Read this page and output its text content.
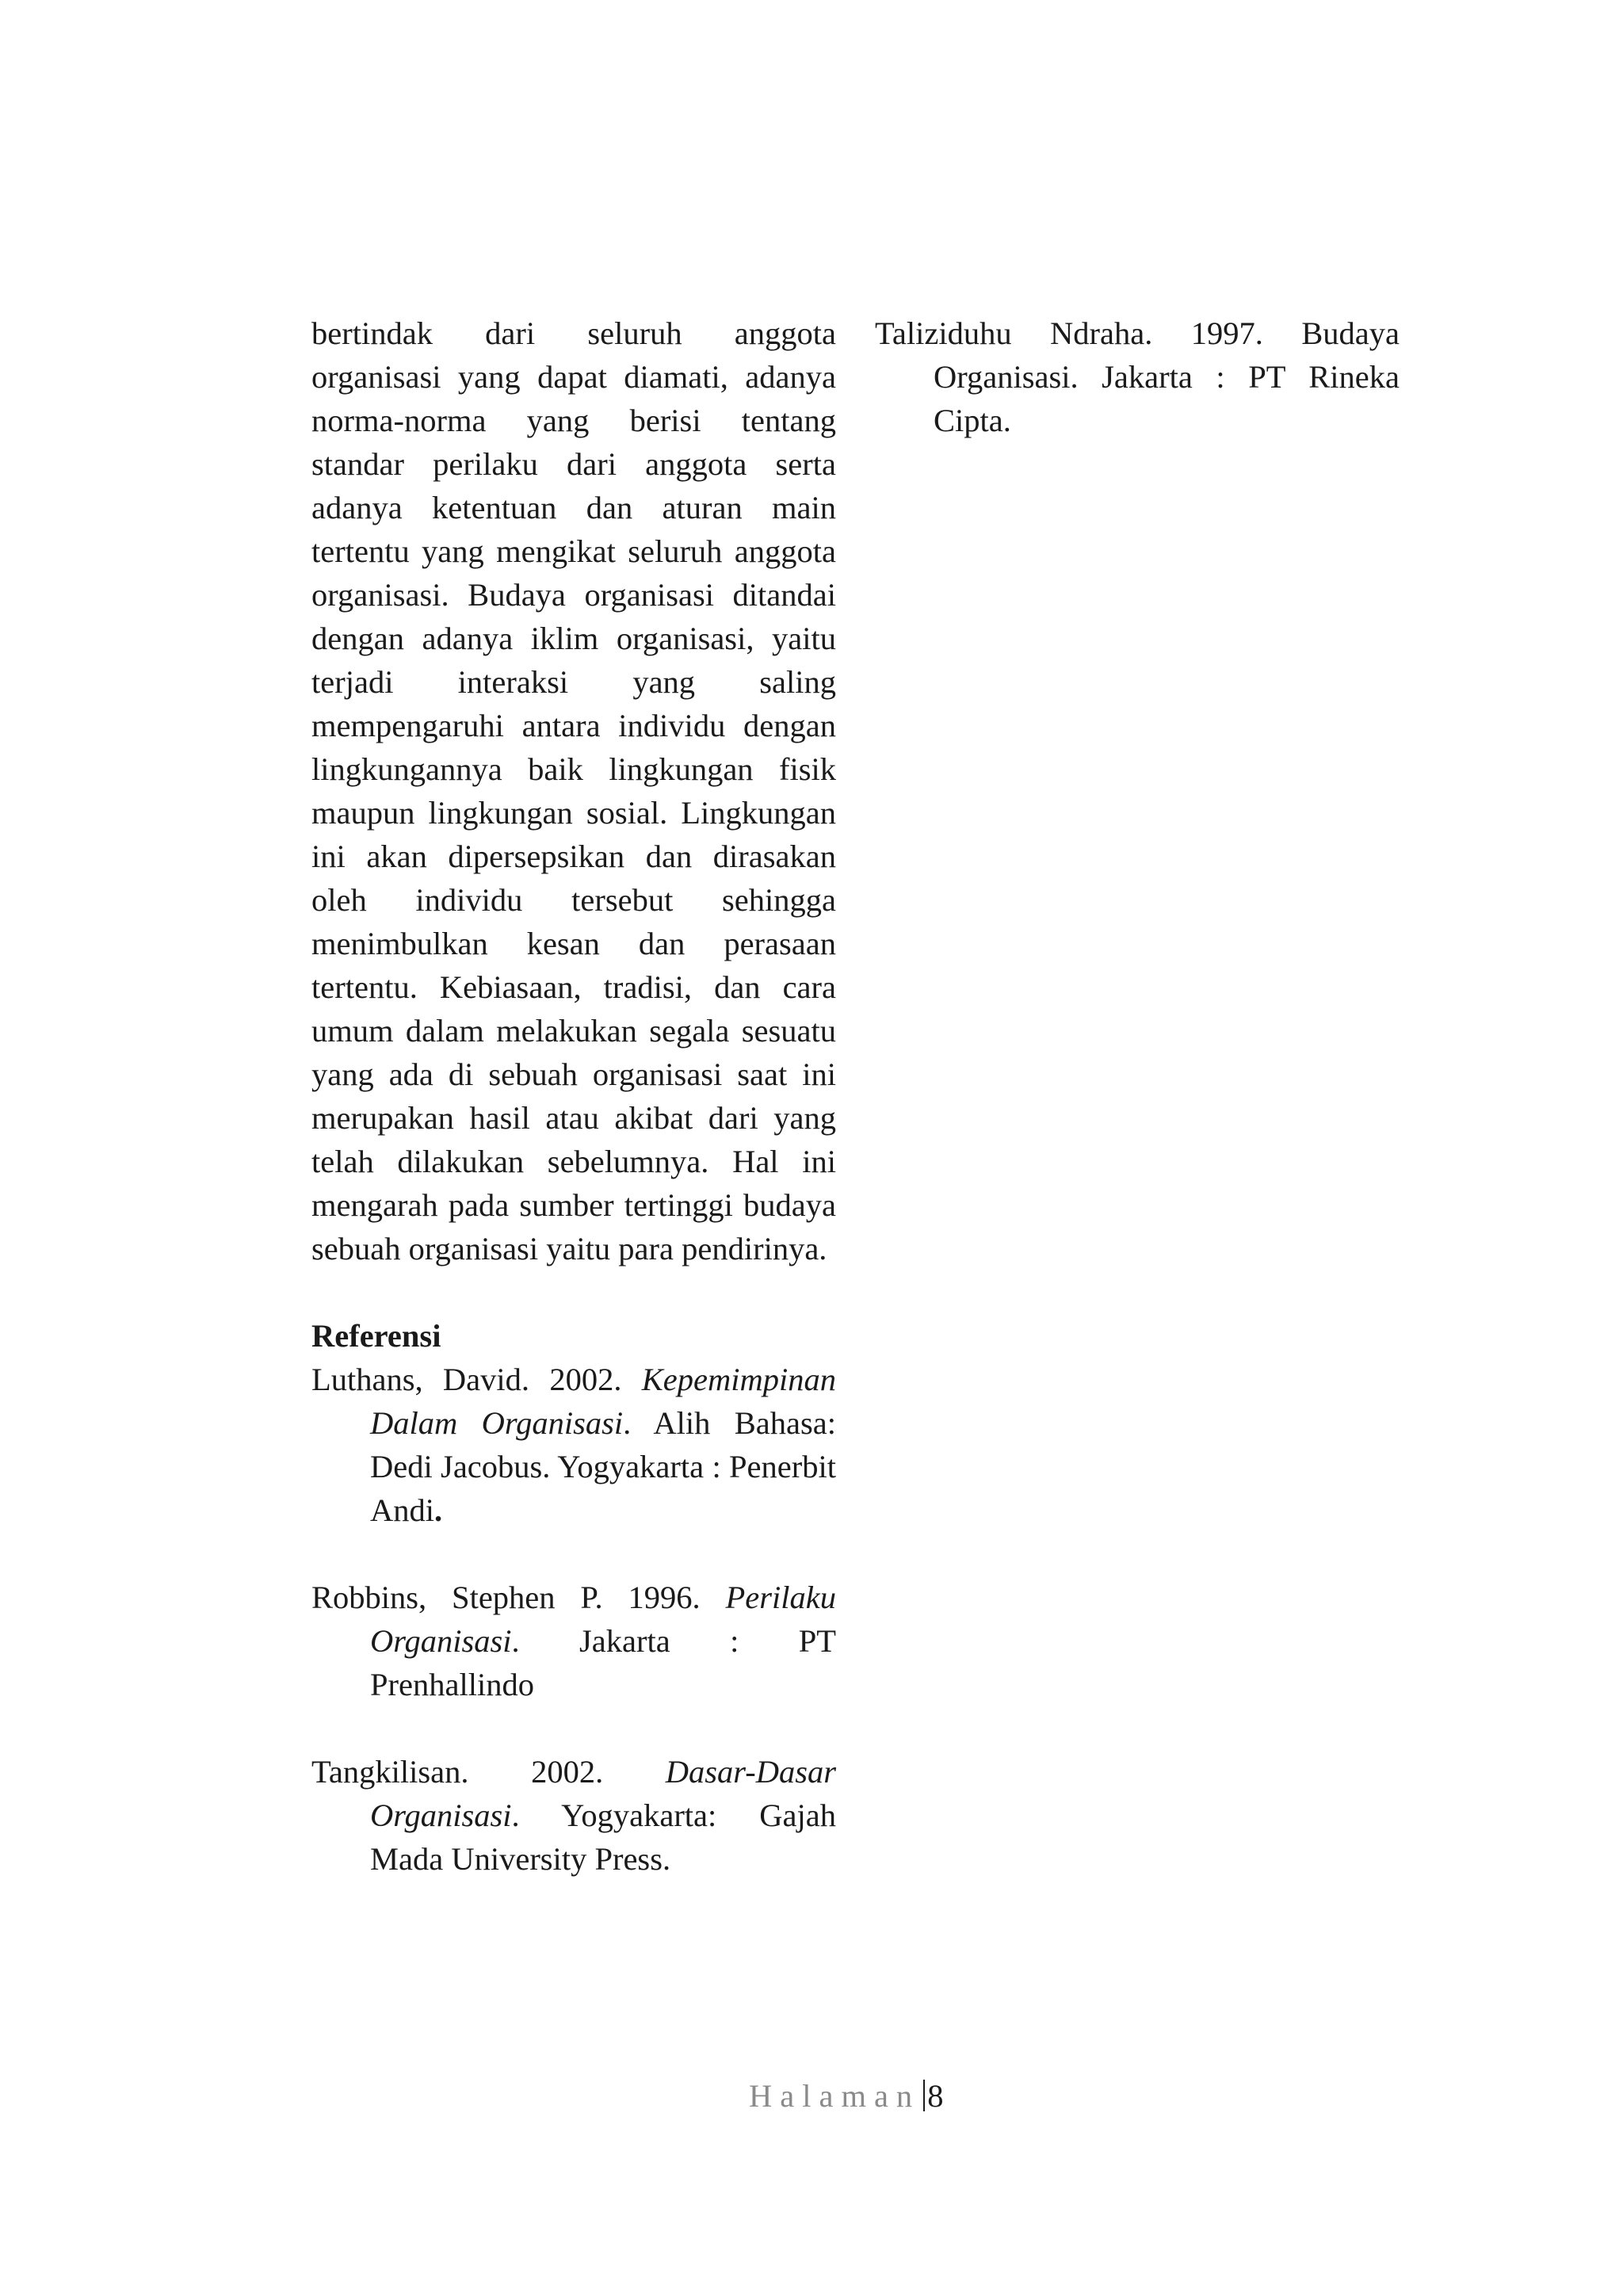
bertindak dari seluruh anggota organisasi yang dapat diamati, adanya norma-norma yang berisi tentang standar perilaku dari anggota serta adanya ketentuan dan aturan main tertentu yang mengikat seluruh anggota organisasi. Budaya organisasi ditandai dengan adanya iklim organisasi, yaitu terjadi interaksi yang saling mempengaruhi antara individu dengan lingkungannya baik lingkungan fisik maupun lingkungan sosial. Lingkungan ini akan dipersepsikan dan dirasakan oleh individu tersebut sehingga menimbulkan kesan dan perasaan tertentu. Kebiasaan, tradisi, dan cara umum dalam melakukan segala sesuatu yang ada di sebuah organisasi saat ini merupakan hasil atau akibat dari yang telah dilakukan sebelumnya. Hal ini mengarah pada sumber tertinggi budaya sebuah organisasi yaitu para pendirinya.

Referensi

Luthans, David. 2002. Kepemimpinan Dalam Organisasi. Alih Bahasa: Dedi Jacobus. Yogyakarta : Penerbit Andi.

Robbins, Stephen P. 1996. Perilaku Organisasi. Jakarta : PT Prenhallindo

Tangkilisan. 2002. Dasar-Dasar Organisasi. Yogyakarta: Gajah Mada University Press.

Taliziduhu Ndraha. 1997. Budaya Organisasi. Jakarta : PT Rineka Cipta.

Halaman 8
